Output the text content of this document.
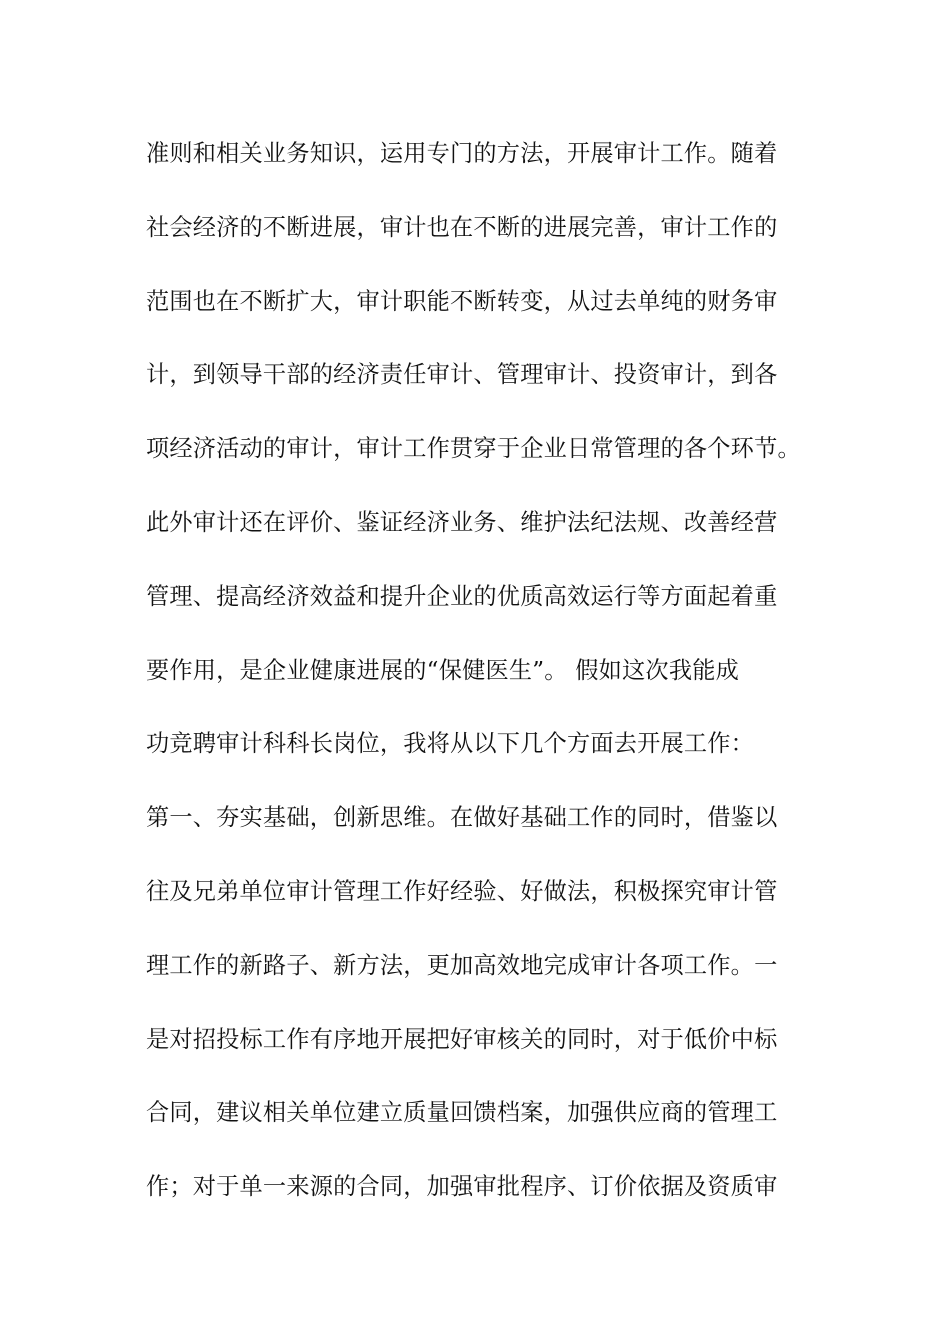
准则和相关业务知识，运用专门的方法，开展审计工作。随着
社会经济的不断进展，审计也在不断的进展完善，审计工作的
范围也在不断扩大，审计职能不断转变，从过去单纯的财务审
计，到领导干部的经济责任审计、管理审计、投资审计，到各
项经济活动的审计，审计工作贯穿于企业日常管理的各个环节。
此外审计还在评价、鉴证经济业务、维护法纪法规、改善经营
管理、提高经济效益和提升企业的优质高效运行等方面起着重
要作用，是企业健康进展的“保健医生”。 假如这次我能成
功竞聘审计科科长岗位，我将从以下几个方面去开展工作：
第一、夯实基础，创新思维。在做好基础工作的同时，借鉴以
往及兄弟单位审计管理工作好经验、好做法，积极探究审计管
理工作的新路子、新方法，更加高效地完成审计各项工作。一
是对招投标工作有序地开展把好审核关的同时，对于低价中标
合同，建议相关单位建立质量回馈档案，加强供应商的管理工
作；对于单一来源的合同，加强审批程序、订价依据及资质审
